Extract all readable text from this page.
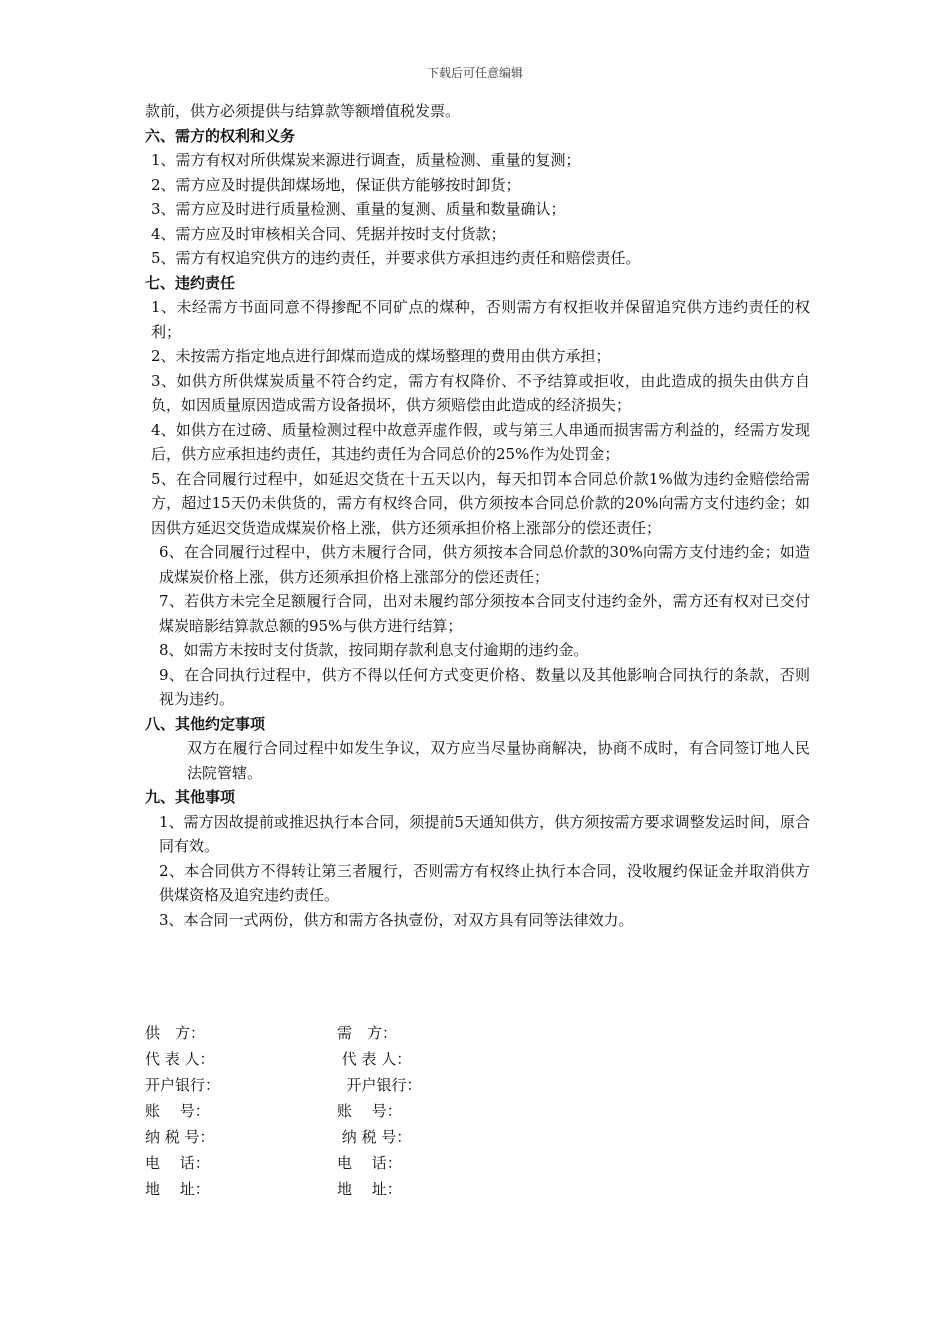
下载后可任意编辑

款前，供方必须提供与结算款等额增值税发票。

六、需方的权利和义务

1、需方有权对所供煤炭来源进行调查，质量检测、重量的复测；

2、需方应及时提供卸煤场地，保证供方能够按时卸货；

3、需方应及时进行质量检测、重量的复测、质量和数量确认；

4、需方应及时审核相关合同、凭据并按时支付货款；

5、需方有权追究供方的违约责任，并要求供方承担违约责任和赔偿责任。

七、违约责任

1、未经需方书面同意不得掺配不同矿点的煤种，否则需方有权拒收并保留追究供方违约责任的权利；

2、未按需方指定地点进行卸煤而造成的煤场整理的费用由供方承担；

3、如供方所供煤炭质量不符合约定，需方有权降价、不予结算或拒收，由此造成的损失由供方自负，如因质量原因造成需方设备损坏，供方须赔偿由此造成的经济损失；

4、如供方在过磅、质量检测过程中故意弄虚作假，或与第三人串通而损害需方利益的，经需方发现后，供方应承担违约责任，其违约责任为合同总价的25%作为处罚金；

5、在合同履行过程中，如延迟交货在十五天以内，每天扣罚本合同总价款1%做为违约金赔偿给需方，超过15天仍未供货的，需方有权终合同，供方须按本合同总价款的20%向需方支付违约金；如因供方延迟交货造成煤炭价格上涨，供方还须承担价格上涨部分的偿还责任；

6、在合同履行过程中，供方未履行合同，供方须按本合同总价款的30%向需方支付违约金；如造成煤炭价格上涨，供方还须承担价格上涨部分的偿还责任；

7、若供方未完全足额履行合同，出对未履约部分须按本合同支付违约金外，需方还有权对已交付煤炭暗影结算款总额的95%与供方进行结算；

8、如需方未按时支付货款，按同期存款利息支付逾期的违约金。

9、在合同执行过程中，供方不得以任何方式变更价格、数量以及其他影响合同执行的条款，否则视为违约。

八、其他约定事项

双方在履行合同过程中如发生争议，双方应当尽量协商解决，协商不成时，有合同签订地人民法院管辖。

九、其他事项

1、需方因故提前或推迟执行本合同，须提前5天通知供方，供方须按需方要求调整发运时间，原合同有效。

2、本合同供方不得转让第三者履行，否则需方有权终止执行本合同，没收履约保证金并取消供方供煤资格及追究违约责任。

3、本合同一式两份，供方和需方各执壹份，对双方具有同等法律效力。

供　方：	需　方：
代 表 人：	代 表 人：
开户银行：	开户银行：
账　 号：	账　 号：
纳 税 号：	纳 税 号：
电　 话：	电　 话：
地　 址：	地　 址：
